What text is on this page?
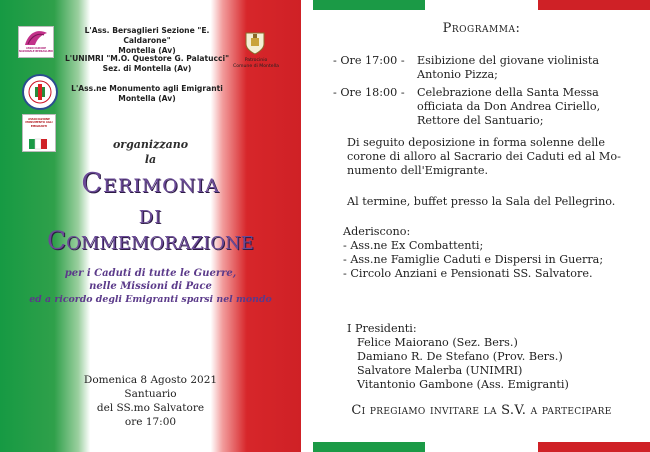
ASSOCIAZIONE NAZIONALE BERSAGLIERI
ASSOCIAZIONE MONUMENTO AGLI EMIGRANTI
Patrocinio
Comune di Montella
L'Ass. Bersaglieri Sezione "E. Caldarone"
Montella (Av)
L'UNIMRI "M.O. Questore G. Palatucci"
Sez. di Montella (Av)
L'Ass.ne Monumento agli Emigranti
Montella (Av)
organizzano
la
Cerimonia
di
Commemorazione
per i Caduti di tutte le Guerre,
nelle Missioni di Pace
ed a ricordo degli Emigranti sparsi nel mondo
Domenica 8 Agosto 2021
Santuario
del SS.mo Salvatore
ore 17:00
Programma:
- Ore 17:00 - Esibizione del giovane violinista
Antonio Pizza;
- Ore 18:00 - Celebrazione della Santa Messa
officiata da Don Andrea Ciriello,
Rettore del Santuario;
Di seguito deposizione in forma solenne delle
corone di alloro al Sacrario dei Caduti ed al Mo-
numento dell'Emigrante.
Al termine, buffet presso la Sala del Pellegrino.
Aderiscono:
- Ass.ne Ex Combattenti;
- Ass.ne Famiglie Caduti e Dispersi in Guerra;
- Circolo Anziani e Pensionati SS. Salvatore.
I Presidenti:
Felice Maiorano (Sez. Bers.)
Damiano R. De Stefano (Prov. Bers.)
Salvatore Malerba (UNIMRI)
Vitantonio Gambone (Ass. Emigranti)
Ci pregiamo invitare la S.V. a partecipare
